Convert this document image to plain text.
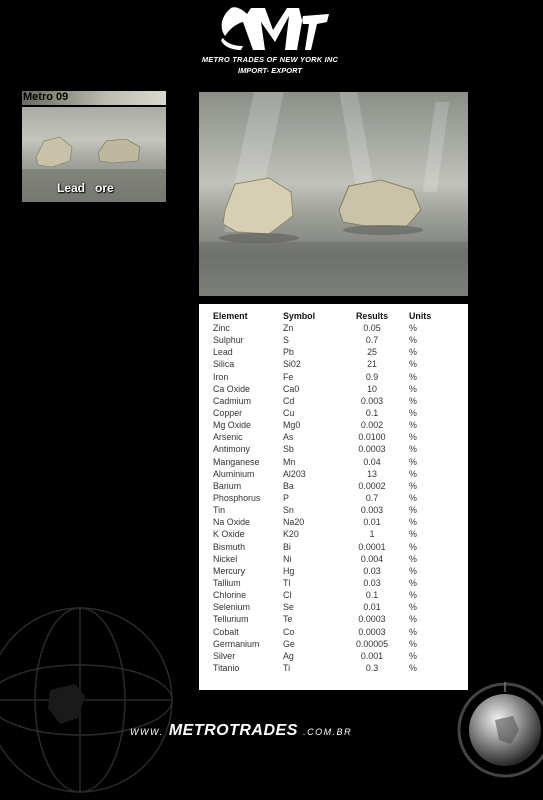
METRO TRADES OF NEW YORK INC
IMPORT- EXPORT
Metro 09
Lead   ore
Element	Symbol	Results	Units
Zinc	Zn	0.05	%
Sulphur	S	0.7	%
Lead	Pb	25	%
Silica	Si02	21	%
Iron	Fe	0.9	%
Ca Oxide	Ca0	10	%
Cadmium	Cd	0.003	%
Copper	Cu	0.1	%
Mg Oxide	Mg0	0.002	%
Arsenic	As	0.0100	%
Antimony	Sb	0.0003	%
Manganese	Mn	0.04	%
Aluminium	Al203	13	%
Barium	Ba	0.0002	%
Phosphorus	P	0.7	%
Tin	Sn	0.003	%
Na Oxide	Na20	0.01	%
K Oxide	K20	1	%
Bismuth	Bi	0.0001	%
Nickel	Ni	0.004	%
Mercury	Hg	0.03	%
Tallium	Tl	0.03	%
Chlorine	Cl	0.1	%
Selenium	Se	0.01	%
Tellurium	Te	0.0003	%
Cobalt	Co	0.0003	%
Germanium	Ge	0.00005	%
Silver	Ag	0.001	%
Titanio	Ti	0.3	%
WWW. METROTRADES .COM.BR
